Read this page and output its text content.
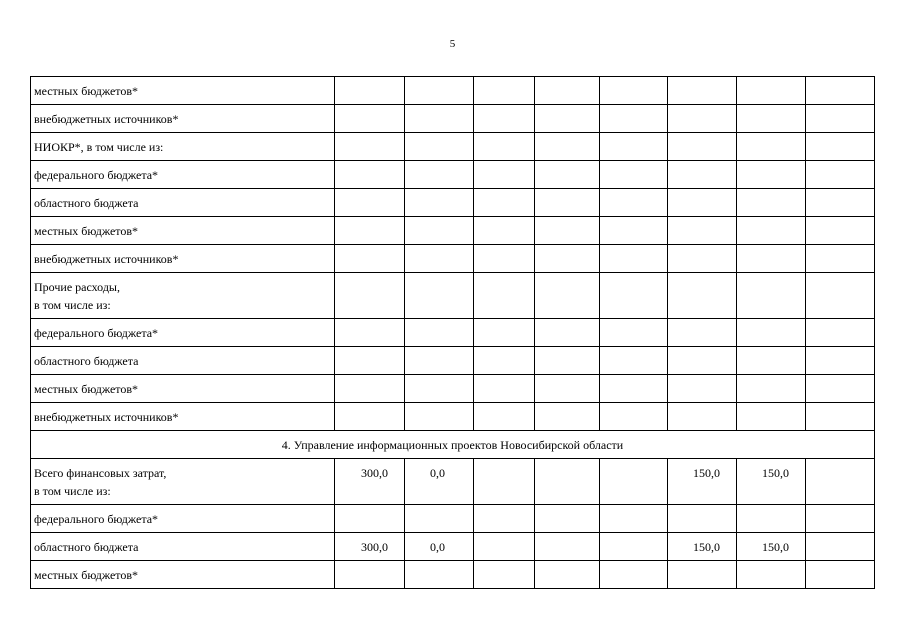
5
местных бюджетов*								
внебюджетных источников*								
НИОКР*, в том числе из:								
федерального бюджета*								
областного бюджета								
местных бюджетов*								
внебюджетных источников*								

Прочие расходы,
в том числе из:								

федерального бюджета*								
областного бюджета								
местных бюджетов*								
внебюджетных источников*								
4. Управление информационных проектов Новосибирской области								

Всего финансовых затрат,
в том числе из:	300,0	0,0				150,0	150,0	
федерального бюджета*								
областного бюджета	300,0	0,0				150,0	150,0	
местных бюджетов*								
